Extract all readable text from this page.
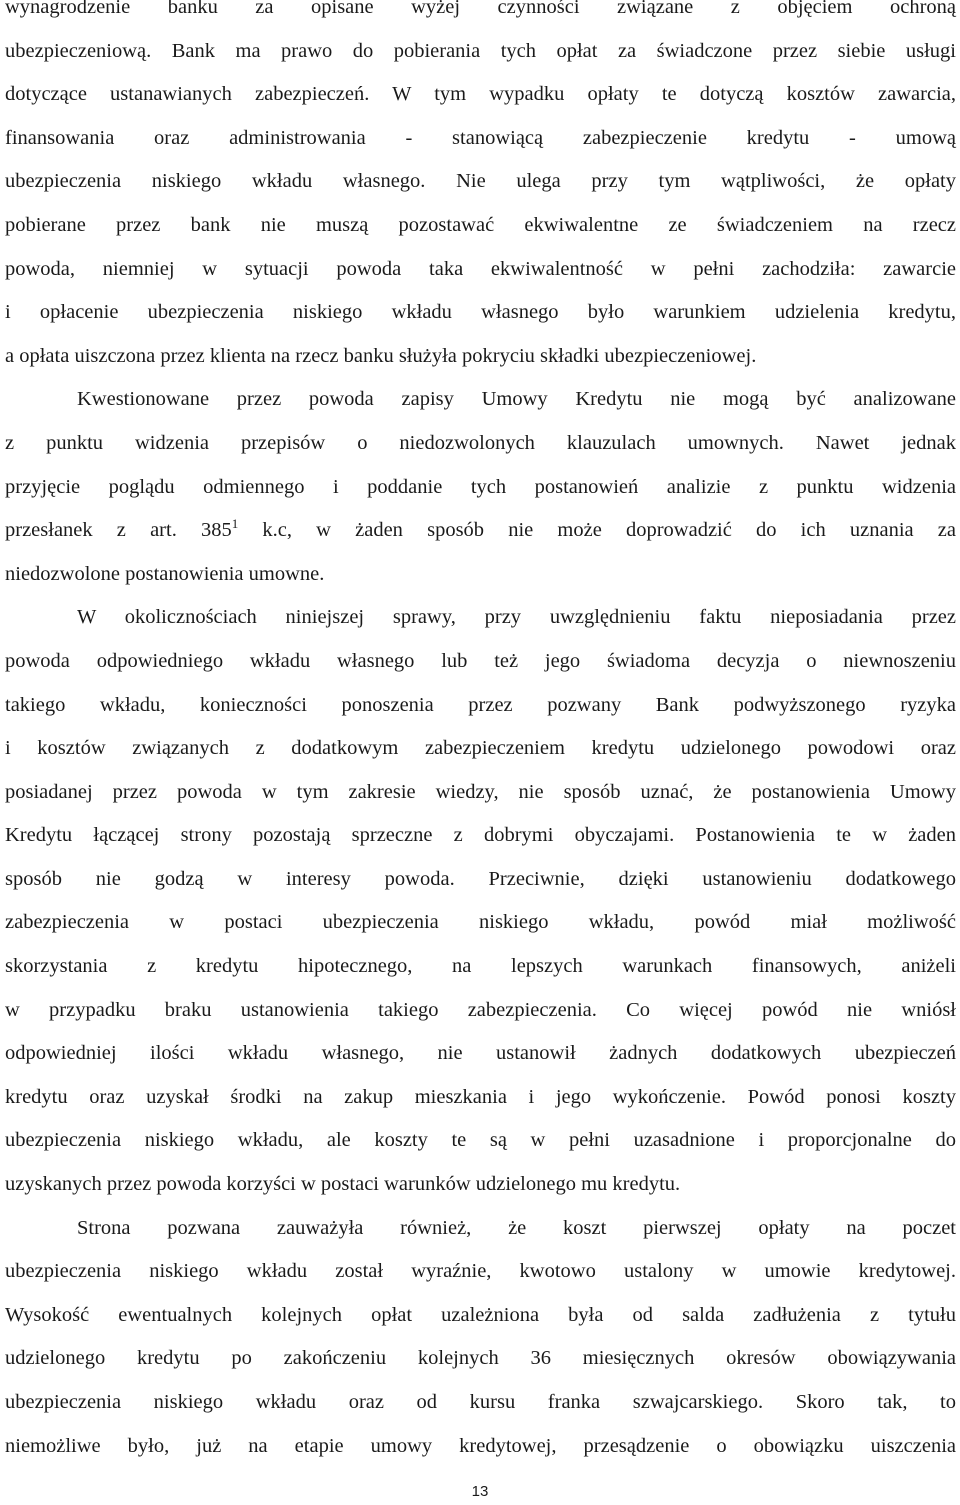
wynagrodzenie banku za opisane wyżej czynności związane z objęciem ochroną
ubezpieczeniową. Bank ma prawo do pobierania tych opłat za świadczone przez siebie usługi
dotyczące ustanawianych zabezpieczeń. W tym wypadku opłaty te dotyczą kosztów zawarcia,
finansowania oraz administrowania - stanowiącą zabezpieczenie kredytu - umową
ubezpieczenia niskiego wkładu własnego. Nie ulega przy tym wątpliwości, że opłaty
pobierane przez bank nie muszą pozostawać ekwiwalentne ze świadczeniem na rzecz
powoda, niemniej w sytuacji powoda taka ekwiwalentność w pełni zachodziła: zawarcie
i opłacenie ubezpieczenia niskiego wkładu własnego było warunkiem udzielenia kredytu,
a opłata uiszczona przez klienta na rzecz banku służyła pokryciu składki ubezpieczeniowej.
Kwestionowane przez powoda zapisy Umowy Kredytu nie mogą być analizowane
z punktu widzenia przepisów o niedozwolonych klauzulach umownych. Nawet jednak
przyjęcie poglądu odmiennego i poddanie tych postanowień analizie z punktu widzenia
przesłanek z art. $385^1$ k.c, w żaden sposób nie może doprowadzić do ich uznania za
niedozwolone postanowienia umowne.
W okolicznościach niniejszej sprawy, przy uwzględnieniu faktu nieposiadania przez
powoda odpowiedniego wkładu własnego lub też jego świadoma decyzja o niewnoszeniu
takiego wkładu, konieczności ponoszenia przez pozwany Bank podwyższonego ryzyka
i kosztów związanych z dodatkowym zabezpieczeniem kredytu udzielonego powodowi oraz
posiadanej przez powoda w tym zakresie wiedzy, nie sposób uznać, że postanowienia Umowy
Kredytu łączącej strony pozostają sprzeczne z dobrymi obyczajami. Postanowienia te w żaden
sposób nie godzą w interesy powoda. Przeciwnie, dzięki ustanowieniu dodatkowego
zabezpieczenia w postaci ubezpieczenia niskiego wkładu, powód miał możliwość
skorzystania z kredytu hipotecznego, na lepszych warunkach finansowych, aniżeli
w przypadku braku ustanowienia takiego zabezpieczenia. Co więcej powód nie wniósł
odpowiedniej ilości wkładu własnego, nie ustanowił żadnych dodatkowych ubezpieczeń
kredytu oraz uzyskał środki na zakup mieszkania i jego wykończenie. Powód ponosi koszty
ubezpieczenia niskiego wkładu, ale koszty te są w pełni uzasadnione i proporcjonalne do
uzyskanych przez powoda korzyści w postaci warunków udzielonego mu kredytu.
Strona pozwana zauważyła również, że koszt pierwszej opłaty na poczet
ubezpieczenia niskiego wkładu został wyraźnie, kwotowo ustalony w umowie kredytowej.
Wysokość ewentualnych kolejnych opłat uzależniona była od salda zadłużenia z tytułu
udzielonego kredytu po zakończeniu kolejnych 36 miesięcznych okresów obowiązywania
ubezpieczenia niskiego wkładu oraz od kursu franka szwajcarskiego. Skoro tak, to
niemożliwe było, już na etapie umowy kredytowej, przesądzenie o obowiązku uiszczenia
13
